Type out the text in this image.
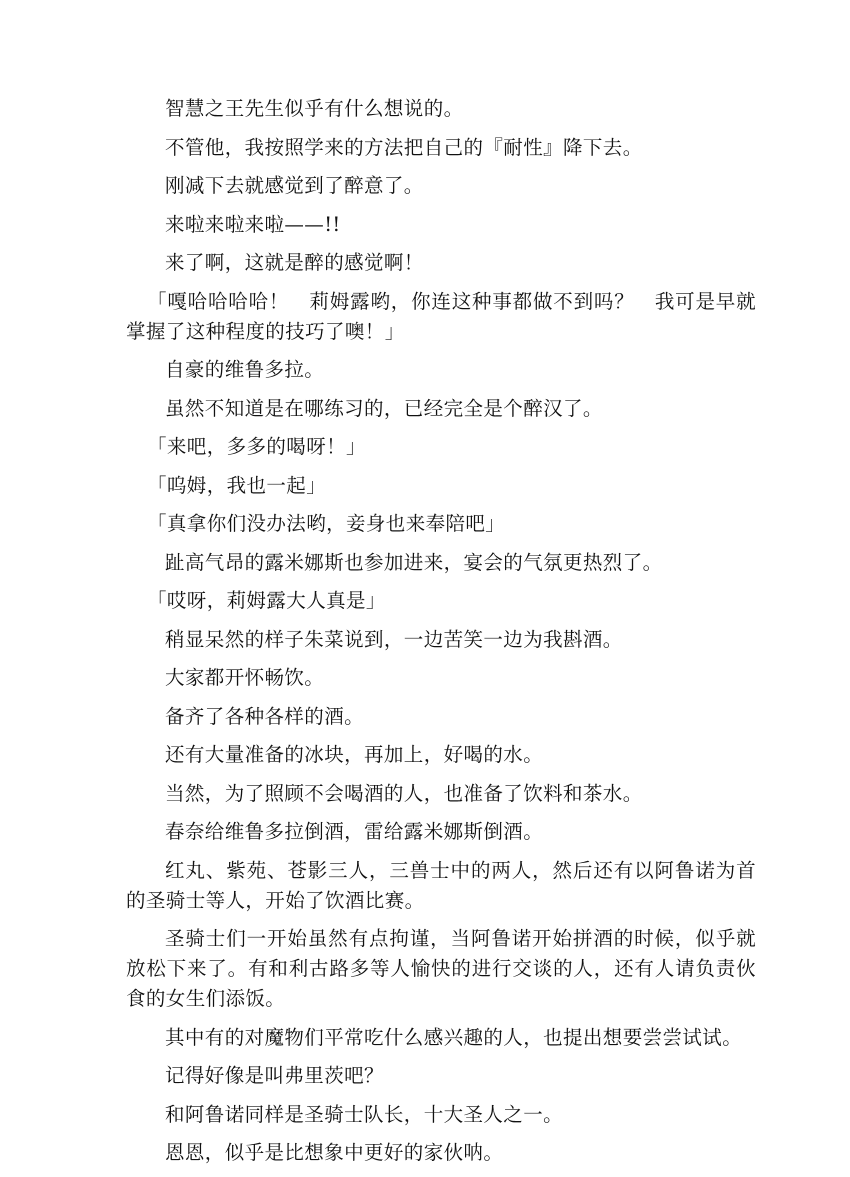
智慧之王先生似乎有什么想说的。

不管他，我按照学来的方法把自己的『耐性』降下去。

刚减下去就感觉到了醉意了。

来啦来啦来啦——!!

来了啊，这就是醉的感觉啊！

「嘎哈哈哈哈！　莉姆露哟，你连这种事都做不到吗？　我可是早就掌握了这种程度的技巧了噢！」

自豪的维鲁多拉。

虽然不知道是在哪练习的，已经完全是个醉汉了。

「来吧，多多的喝呀！」

「呜姆，我也一起」

「真拿你们没办法哟，妾身也来奉陪吧」

趾高气昂的露米娜斯也参加进来，宴会的气氛更热烈了。

「哎呀，莉姆露大人真是」

稍显呆然的样子朱菜说到，一边苦笑一边为我斟酒。

大家都开怀畅饮。

备齐了各种各样的酒。

还有大量准备的冰块，再加上，好喝的水。

当然，为了照顾不会喝酒的人，也准备了饮料和茶水。

春奈给维鲁多拉倒酒，雷给露米娜斯倒酒。

红丸、紫苑、苍影三人，三兽士中的两人，然后还有以阿鲁诺为首的圣骑士等人，开始了饮酒比赛。

圣骑士们一开始虽然有点拘谨，当阿鲁诺开始拼酒的时候，似乎就放松下来了。有和利古路多等人愉快的进行交谈的人，还有人请负责伙食的女生们添饭。

其中有的对魔物们平常吃什么感兴趣的人，也提出想要尝尝试试。

记得好像是叫弗里茨吧？

和阿鲁诺同样是圣骑士队长，十大圣人之一。

恩恩，似乎是比想象中更好的家伙呐。
